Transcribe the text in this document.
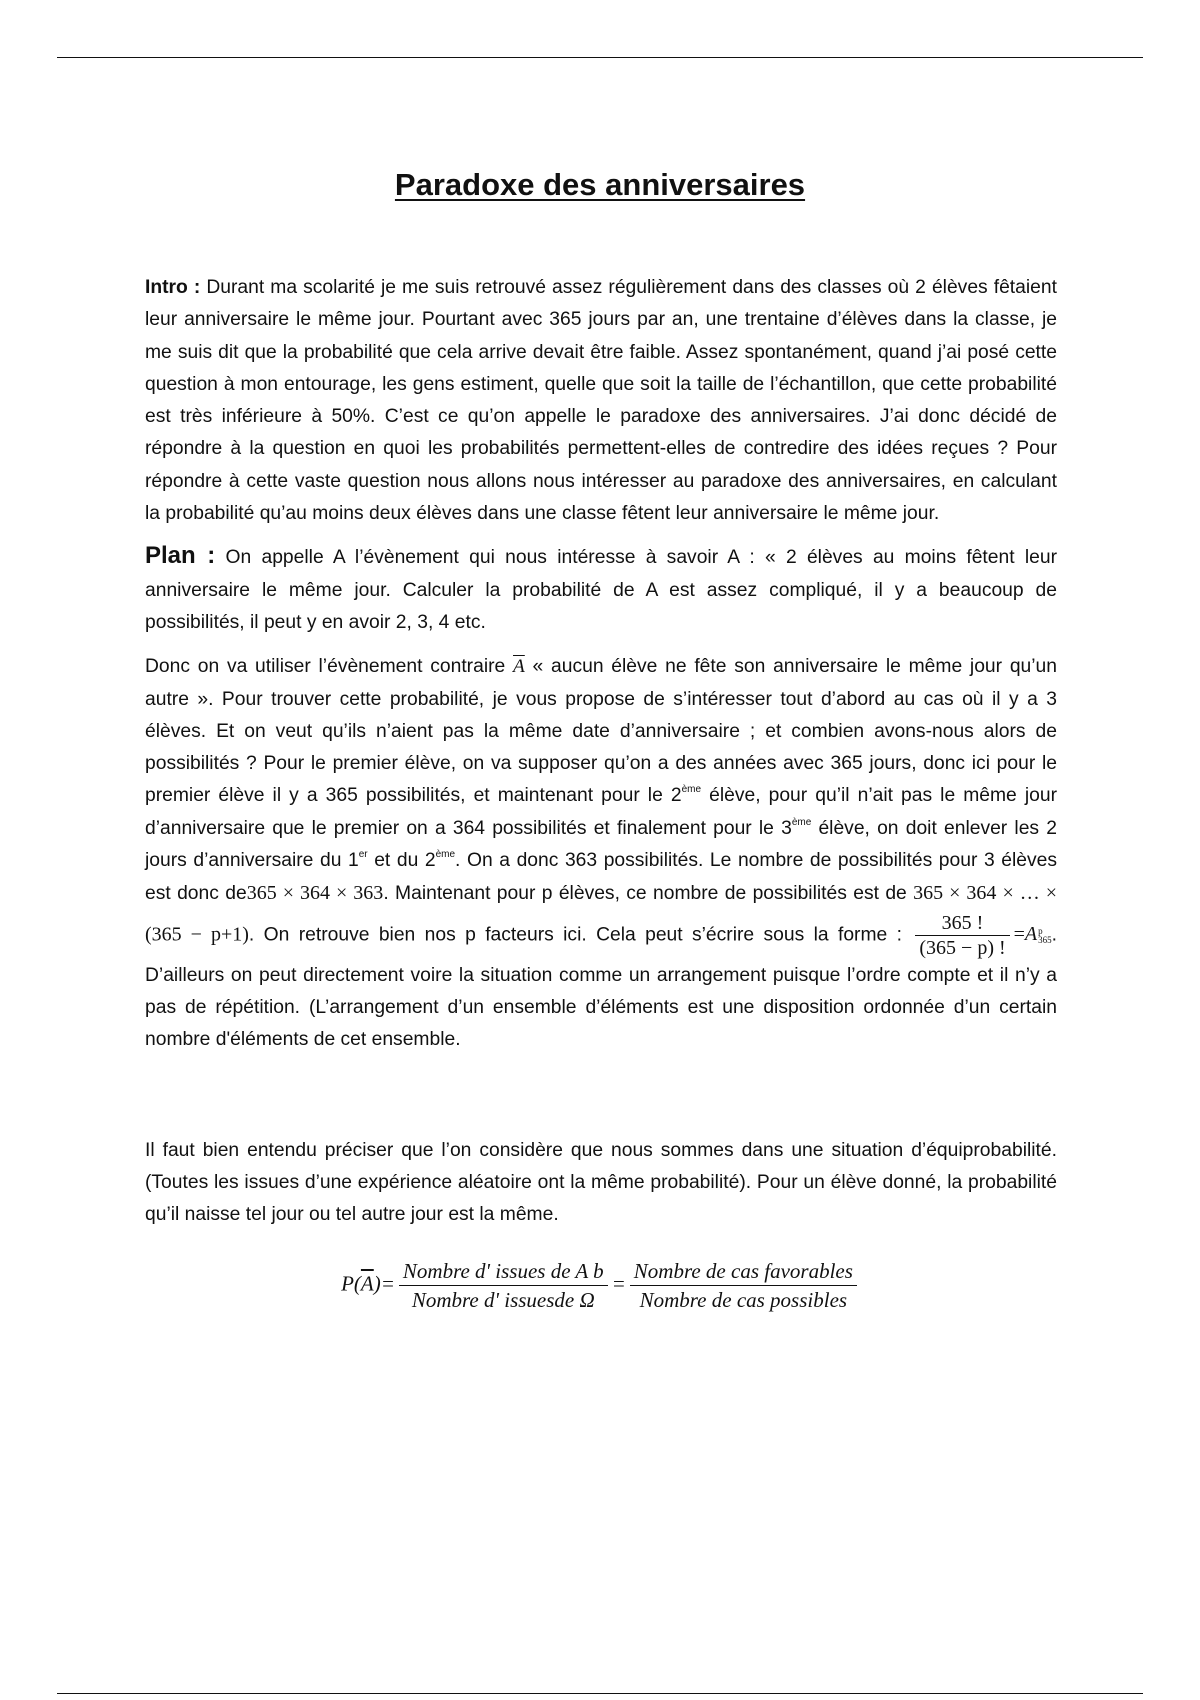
Paradoxe des anniversaires

Intro : Durant ma scolarité je me suis retrouvé assez régulièrement dans des classes où 2 élèves fêtaient leur anniversaire le même jour. Pourtant avec 365 jours par an, une trentaine d’élèves dans la classe, je me suis dit que la probabilité que cela arrive devait être faible. Assez spontanément, quand j’ai posé cette question à mon entourage, les gens estiment, quelle que soit la taille de l’échantillon, que cette probabilité est très inférieure à 50%. C’est ce qu’on appelle le paradoxe des anniversaires. J’ai donc décidé de répondre à la question en quoi les probabilités permettent-elles de contredire des idées reçues ? Pour répondre à cette vaste question nous allons nous intéresser au paradoxe des anniversaires, en calculant la probabilité qu’au moins deux élèves dans une classe fêtent leur anniversaire le même jour.

Plan : On appelle A l’évènement qui nous intéresse à savoir A : « 2 élèves au moins fêtent leur anniversaire le même jour. Calculer la probabilité de A est assez compliqué, il y a beaucoup de possibilités, il peut y en avoir 2, 3, 4 etc.

Donc on va utiliser l’évènement contraire $\overline{A}$ « aucun élève ne fête son anniversaire le même jour qu’un autre ». Pour trouver cette probabilité, je vous propose de s’intéresser tout d’abord au cas où il y a 3 élèves. Et on veut qu’ils n’aient pas la même date d’anniversaire ; et combien avons-nous alors de possibilités ? Pour le premier élève, on va supposer qu’on a des années avec 365 jours, donc ici pour le premier élève il y a 365 possibilités, et maintenant pour le 2ème élève, pour qu’il n’ait pas le même jour d’anniversaire que le premier on a 364 possibilités et finalement pour le 3ème élève, on doit enlever les 2 jours d’anniversaire du 1er et du 2ème. On a donc 363 possibilités. Le nombre de possibilités pour 3 élèves est donc de365 × 364 × 363. Maintenant pour p élèves, ce nombre de possibilités est de 365 × 364 × … × (365 − p+1). On retrouve bien nos p facteurs ici. Cela peut s’écrire sous la forme : $\frac{365 !}{(365 - p) !} =Ap$
365. D’ailleurs on peut directement voire la situation comme un arrangement puisque l’ordre compte et il n’y a pas de répétition. (L’arrangement d’un ensemble d’éléments est une disposition ordonnée d’un certain nombre d'éléments de cet ensemble.

Il faut bien entendu préciser que l’on considère que nous sommes dans une situation d’équiprobabilité. (Toutes les issues d’une expérience aléatoire ont la même probabilité). Pour un élève donné, la probabilité qu’il naisse tel jour ou tel autre jour est la même.

$P(\overline{A})= \frac{\text{Nombre d' issues de A b}}{\text{Nombre d' issuesde Ω}} = \frac{\text{Nombre de cas favorables}}{\text{Nombre de cas possibles}}$
